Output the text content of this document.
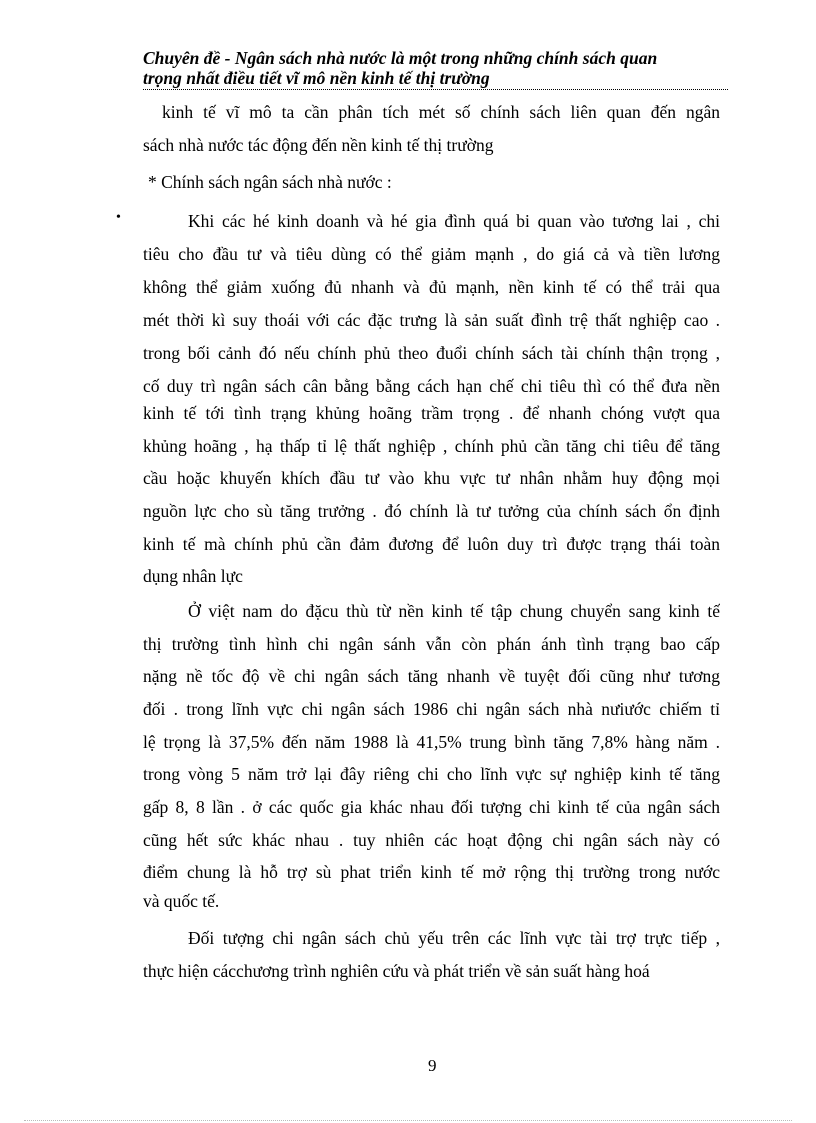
Chuyên đề - Ngân sách nhà nước là một trong những chính sách quan
trọng nhất điều tiết vĩ mô nền kinh tế thị trường
kinh tế vĩ mô ta cần phân tích mét số chính sách liên quan đến ngân
sách nhà nước tác động đến nền kinh tế thị trường
* Chính sách ngân sách nhà nước :
•	Khi các hé kinh doanh và hé gia đình quá bi quan vào tương lai , chi
tiêu cho đầu tư và tiêu dùng có thể giảm mạnh , do giá cả và tiền lương
không thể giảm xuống đủ nhanh và đủ mạnh, nền kinh tế có thể trải qua
mét thời kì suy thoái với các đặc trưng là sản suất đình trệ thất nghiệp cao .
trong bối cảnh đó nếu chính phủ theo đuổi chính sách tài chính thận trọng ,
cố duy trì ngân sách cân bằng bằng cách hạn chế chi tiêu thì có thể đưa nền
kinh tế tới tình trạng khủng hoãng trầm trọng . để nhanh chóng vượt qua
khủng hoãng , hạ thấp tỉ lệ thất nghiệp , chính phủ cần tăng chi tiêu để tăng
cầu hoặc khuyến khích đầu tư vào khu vực tư nhân nhằm huy động mọi
nguồn lực cho sù tăng trưởng . đó chính là tư tưởng của chính sách ổn định
kinh tế mà chính phủ cần đảm đương để luôn duy trì được trạng thái toàn
dụng nhân lực
Ở việt nam do đặcu thù từ nền kinh tế tập chung chuyển sang kinh tế
thị trường tình hình chi ngân sánh vẫn còn phán ánh tình trạng bao cấp
nặng nề tốc độ về chi ngân sách tăng nhanh về tuyệt đối cũng như tương
đối . trong lĩnh vực chi ngân sách 1986 chi ngân sách nhà nưiước chiếm tỉ
lệ trọng là 37,5% đến năm 1988 là 41,5% trung bình tăng 7,8% hàng năm .
trong vòng 5 năm trở lại đây riêng chi cho lĩnh vực sự nghiệp kinh tế tăng
gấp 8, 8 lần . ở các quốc gia khác nhau đối tượng chi kinh tế của ngân sách
cũng hết sức khác nhau . tuy nhiên các hoạt động chi ngân sách này có
điểm chung là hỗ trợ sù phat triển kinh tế mở rộng thị trường trong nước
và quốc tế.
Đối tượng chi ngân sách chủ yếu trên các lĩnh vực tài trợ trực tiếp ,
thực hiện cácchương trình nghiên cứu và phát triển về sản suất hàng hoá
9
